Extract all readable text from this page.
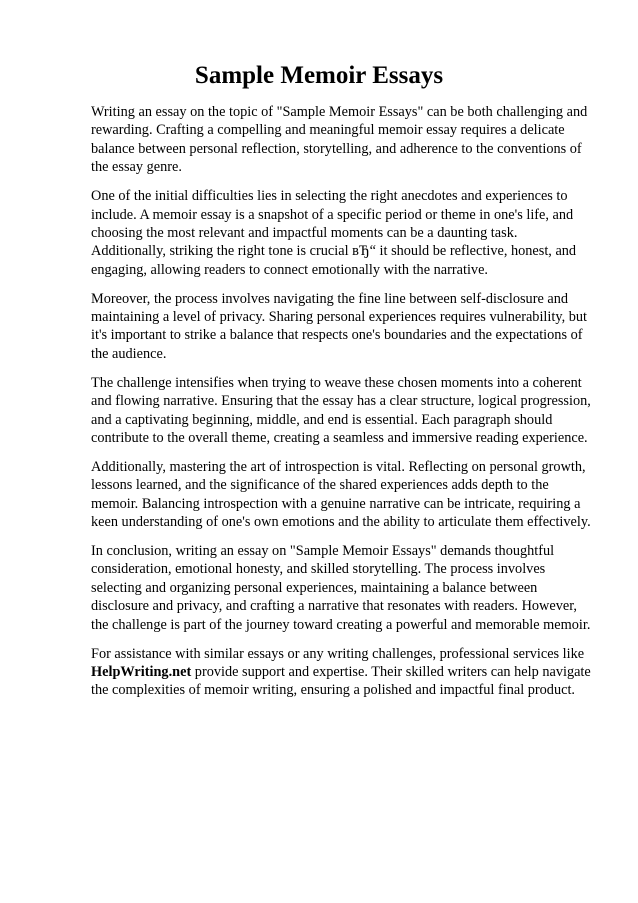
Sample Memoir Essays

Writing an essay on the topic of "Sample Memoir Essays" can be both challenging and rewarding. Crafting a compelling and meaningful memoir essay requires a delicate balance between personal reflection, storytelling, and adherence to the conventions of the essay genre.

One of the initial difficulties lies in selecting the right anecdotes and experiences to include. A memoir essay is a snapshot of a specific period or theme in one's life, and choosing the most relevant and impactful moments can be a daunting task. Additionally, striking the right tone is crucial вЂ“ it should be reflective, honest, and engaging, allowing readers to connect emotionally with the narrative.

Moreover, the process involves navigating the fine line between self-disclosure and maintaining a level of privacy. Sharing personal experiences requires vulnerability, but it's important to strike a balance that respects one's boundaries and the expectations of the audience.

The challenge intensifies when trying to weave these chosen moments into a coherent and flowing narrative. Ensuring that the essay has a clear structure, logical progression, and a captivating beginning, middle, and end is essential. Each paragraph should contribute to the overall theme, creating a seamless and immersive reading experience.

Additionally, mastering the art of introspection is vital. Reflecting on personal growth, lessons learned, and the significance of the shared experiences adds depth to the memoir. Balancing introspection with a genuine narrative can be intricate, requiring a keen understanding of one's own emotions and the ability to articulate them effectively.

In conclusion, writing an essay on "Sample Memoir Essays" demands thoughtful consideration, emotional honesty, and skilled storytelling. The process involves selecting and organizing personal experiences, maintaining a balance between disclosure and privacy, and crafting a narrative that resonates with readers. However, the challenge is part of the journey toward creating a powerful and memorable memoir.

For assistance with similar essays or any writing challenges, professional services like HelpWriting.net provide support and expertise. Their skilled writers can help navigate the complexities of memoir writing, ensuring a polished and impactful final product.
